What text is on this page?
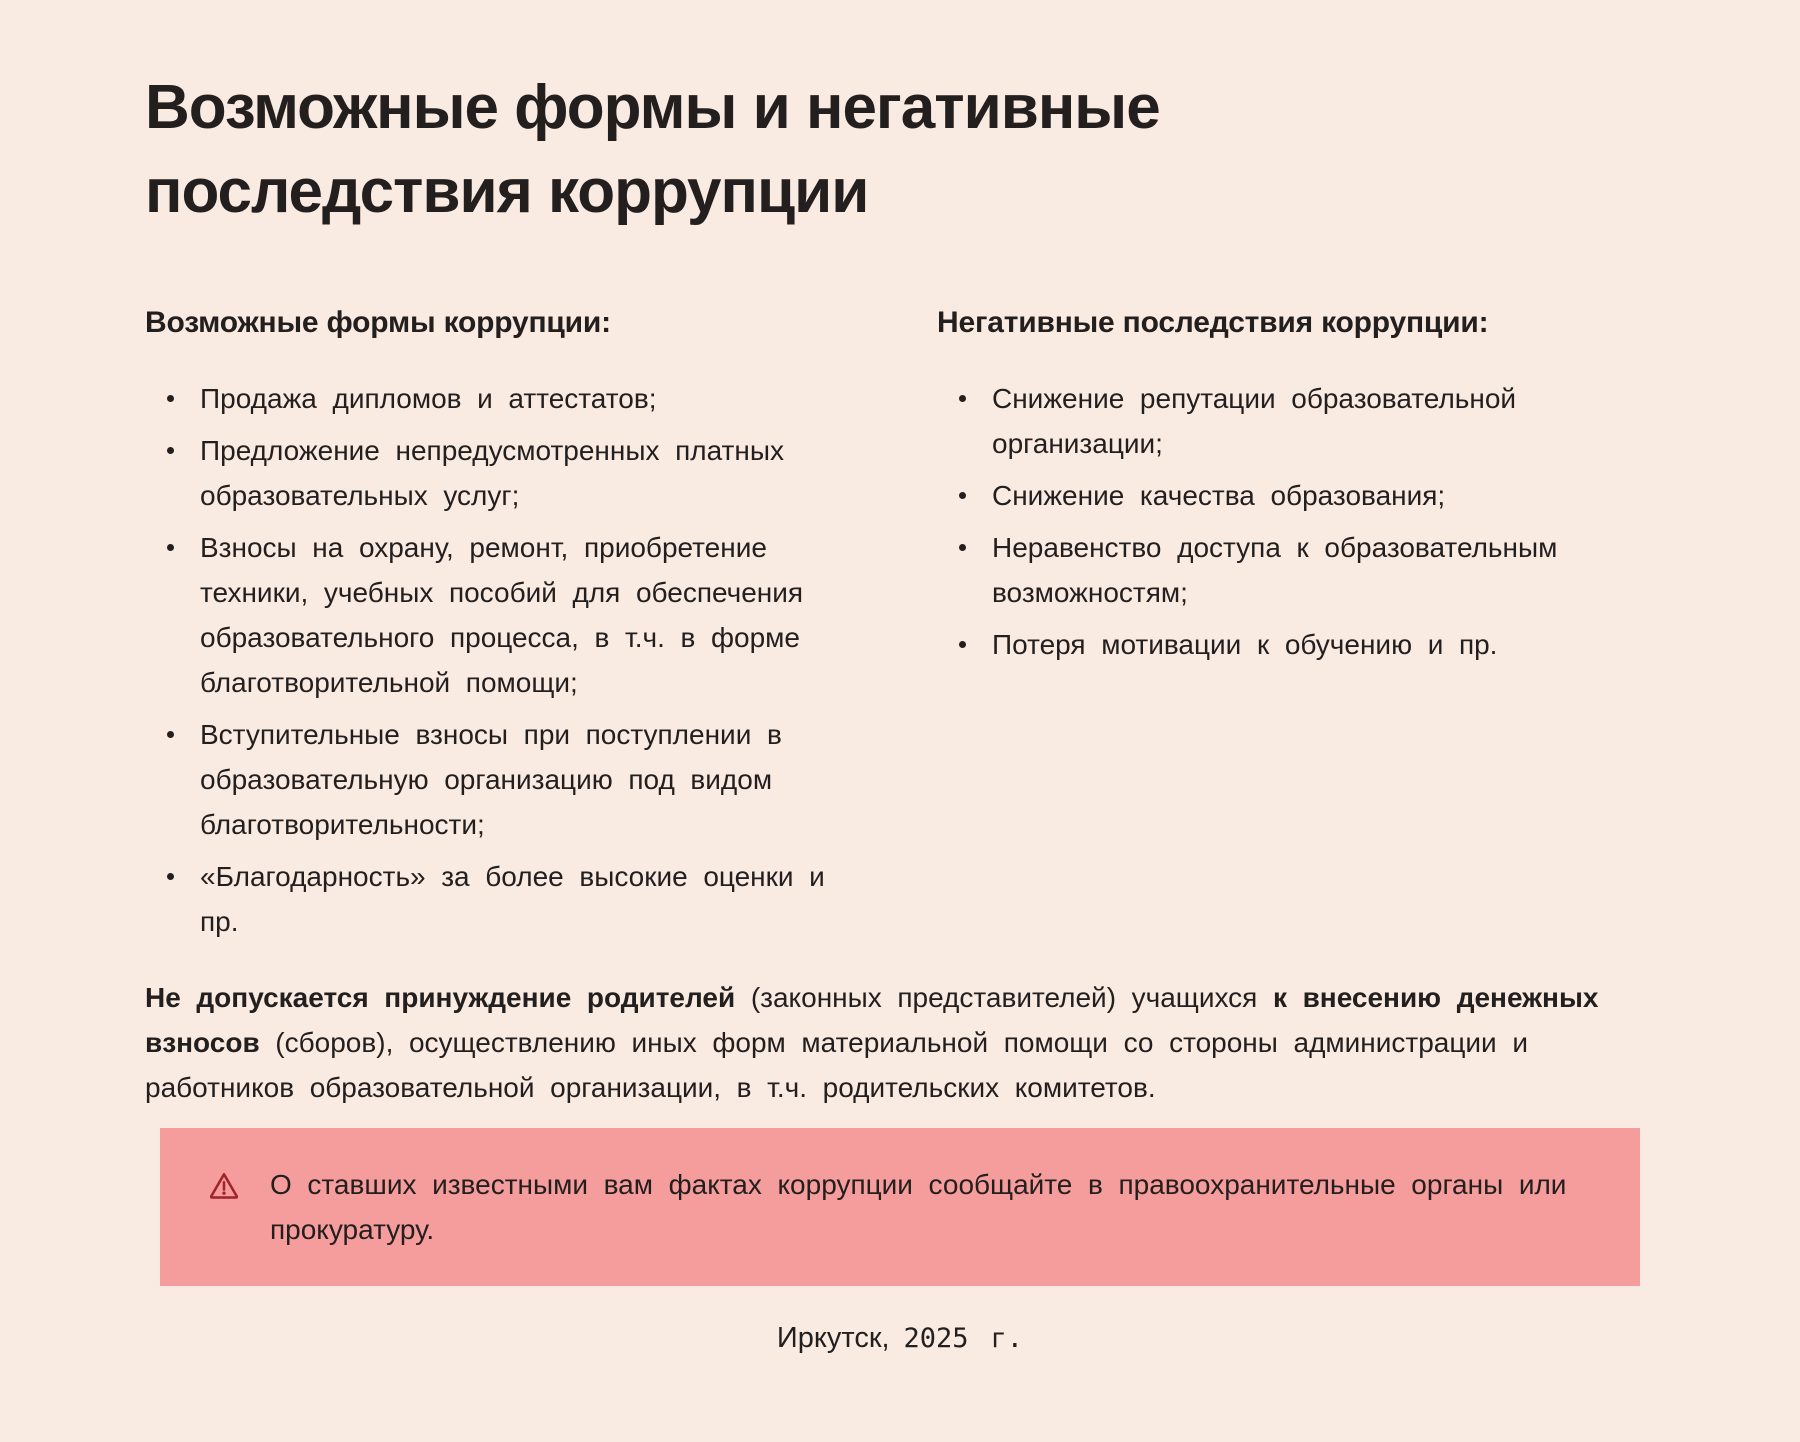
Возможные формы и негативные последствия коррупции
Возможные формы коррупции:
Продажа дипломов и аттестатов;
Предложение непредусмотренных платных образовательных услуг;
Взносы на охрану, ремонт, приобретение техники, учебных пособий для обеспечения образовательного процесса, в т.ч. в форме благотворительной помощи;
Вступительные взносы при поступлении в образовательную организацию под видом благотворительности;
«Благодарность» за более высокие оценки и пр.
Негативные последствия коррупции:
Снижение репутации образовательной организации;
Снижение качества образования;
Неравенство доступа к образовательным возможностям;
Потеря мотивации к обучению и пр.

Не допускается принуждение родителей (законных представителей) учащихся к внесению денежных взносов (сборов), осуществлению иных форм материальной помощи со стороны администрации и работников образовательной организации, в т.ч. родительских комитетов.

О ставших известными вам фактах коррупции сообщайте в правоохранительные органы или прокуратуру.
Иркутск, 2025 г.
